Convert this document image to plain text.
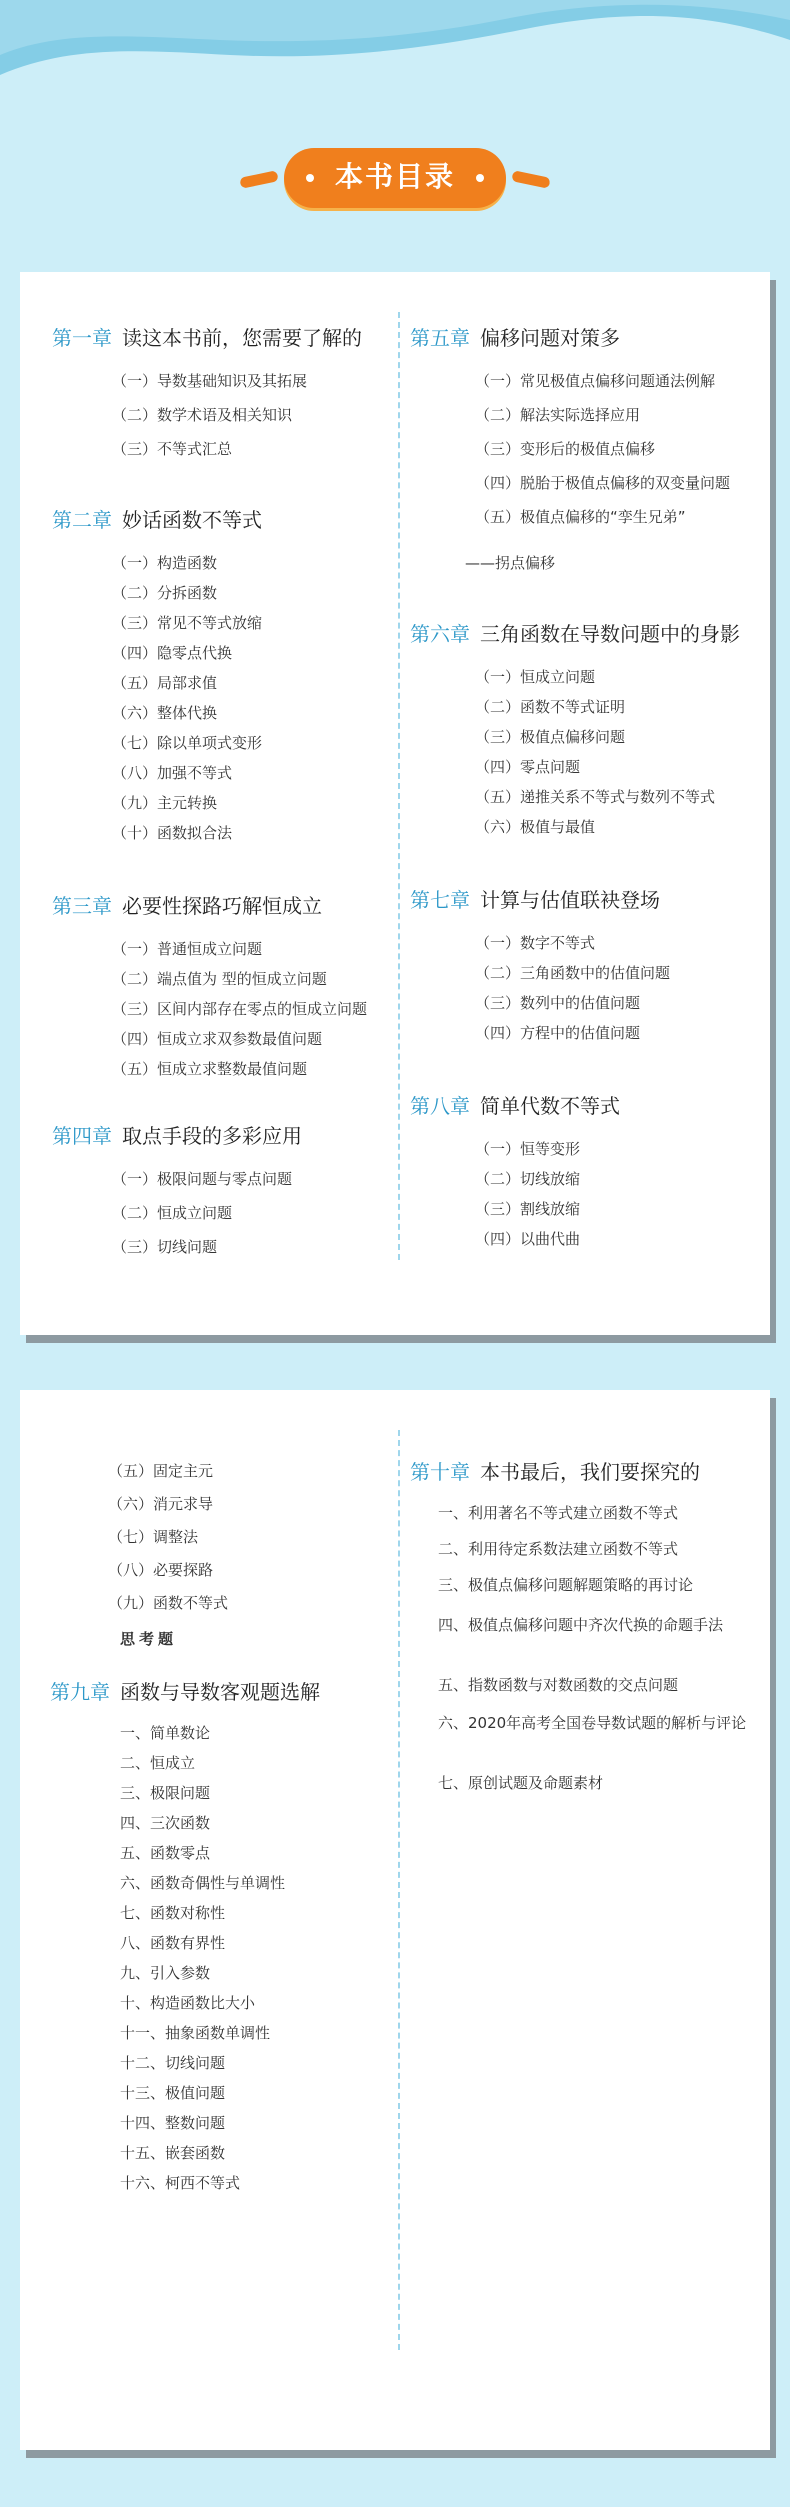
本书目录
第一章 读这本书前，您需要了解的
（一）导数基础知识及其拓展
（二）数学术语及相关知识
（三）不等式汇总
第二章 妙话函数不等式
（一）构造函数
（二）分拆函数
（三）常见不等式放缩
（四）隐零点代换
（五）局部求值
（六）整体代换
（七）除以单项式变形
（八）加强不等式
（九）主元转换
（十）函数拟合法
第三章 必要性探路巧解恒成立
（一）普通恒成立问题
（二）端点值为 型的恒成立问题
（三）区间内部存在零点的恒成立问题
（四）恒成立求双参数最值问题
（五）恒成立求整数最值问题
第四章 取点手段的多彩应用
（一）极限问题与零点问题
（二）恒成立问题
（三）切线问题
第五章 偏移问题对策多
（一）常见极值点偏移问题通法例解
（二）解法实际选择应用
（三）变形后的极值点偏移
（四）脱胎于极值点偏移的双变量问题
（五）极值点偏移的“孪生兄弟”
——拐点偏移
第六章 三角函数在导数问题中的身影
（一）恒成立问题
（二）函数不等式证明
（三）极值点偏移问题
（四）零点问题
（五）递推关系不等式与数列不等式
（六）极值与最值
第七章 计算与估值联袂登场
（一）数字不等式
（二）三角函数中的估值问题
（三）数列中的估值问题
（四）方程中的估值问题
第八章 简单代数不等式
（一）恒等变形
（二）切线放缩
（三）割线放缩
（四）以曲代曲
（五）固定主元
（六）消元求导
（七）调整法
（八）必要探路
（九）函数不等式
思考题
第九章 函数与导数客观题选解
一、简单数论
二、恒成立
三、极限问题
四、三次函数
五、函数零点
六、函数奇偶性与单调性
七、函数对称性
八、函数有界性
九、引入参数
十、构造函数比大小
十一、抽象函数单调性
十二、切线问题
十三、极值问题
十四、整数问题
十五、嵌套函数
十六、柯西不等式
第十章 本书最后，我们要探究的
一、利用著名不等式建立函数不等式
二、利用待定系数法建立函数不等式
三、极值点偏移问题解题策略的再讨论
四、极值点偏移问题中齐次代换的命题手法
五、指数函数与对数函数的交点问题
六、2020年高考全国卷导数试题的解析与评论
七、原创试题及命题素材
